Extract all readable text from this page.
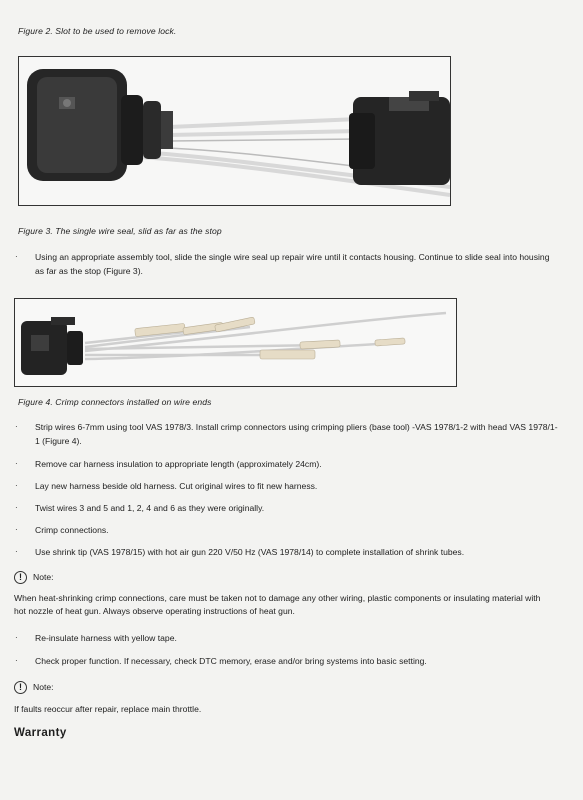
Figure 2. Slot to be used to remove lock.
Figure 3. The single wire seal, slid as far as the stop
· Using an appropriate assembly tool, slide the single wire seal up repair wire until it contacts housing. Continue to slide seal into housing as far as the stop (Figure 3).
Figure 4. Crimp connectors installed on wire ends
· Strip wires 6-7mm using tool VAS 1978/3. Install crimp connectors using crimping pliers (base tool) -VAS 1978/1-2 with head VAS 1978/1-1 (Figure 4).
· Remove car harness insulation to appropriate length (approximately 24cm).
· Lay new harness beside old harness. Cut original wires to fit new harness.
· Twist wires 3 and 5 and 1, 2, 4 and 6 as they were originally.
· Crimp connections.
· Use shrink tip (VAS 1978/15) with hot air gun 220 V/50 Hz (VAS 1978/14) to complete installation of shrink tubes.
!	Note:
When heat-shrinking crimp connections, care must be taken not to damage any other wiring, plastic components or insulating material with hot nozzle of heat gun. Always observe operating instructions of heat gun.
· Re-insulate harness with yellow tape.
· Check proper function. If necessary, check DTC memory, erase and/or bring systems into basic setting.
!	Note:
If faults reoccur after repair, replace main throttle.
Warranty
